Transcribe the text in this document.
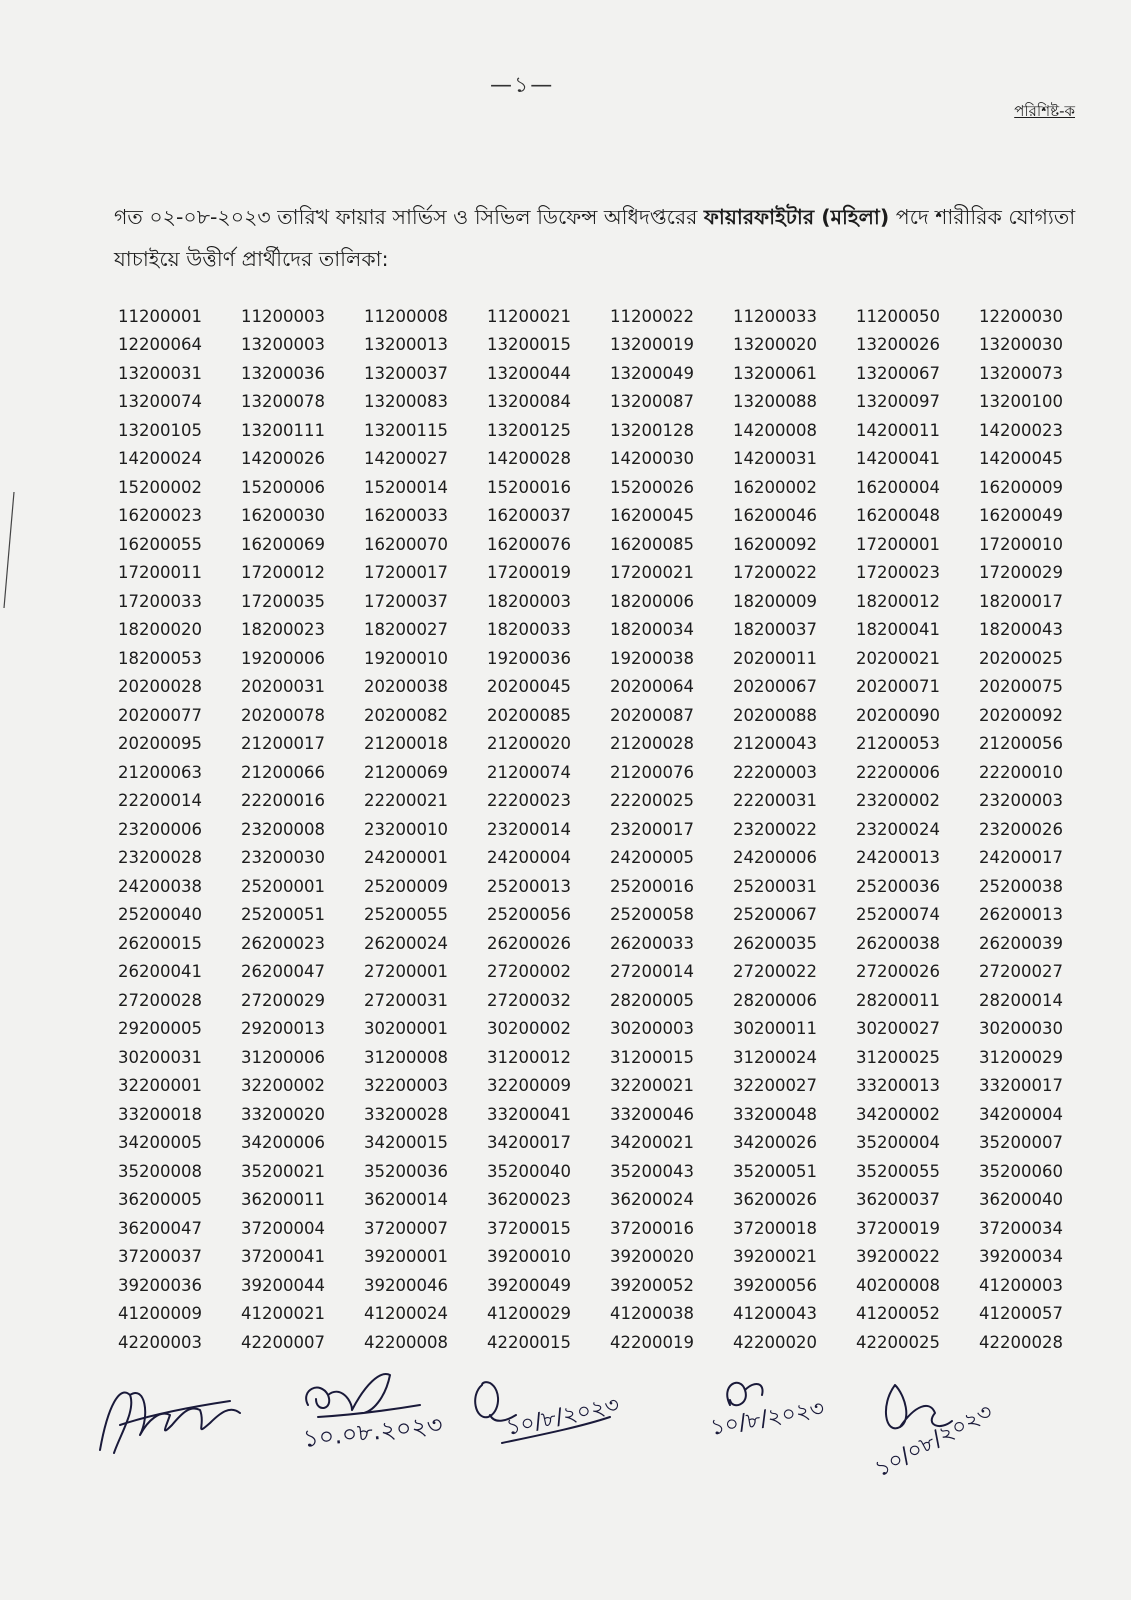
—১—
পরিশিষ্ট-ক
গত ০২-০৮-২০২৩ তারিখ ফায়ার সার্ভিস ও সিভিল ডিফেন্স অধিদপ্তরের ফায়ারফাইটার (মহিলা) পদে শারীরিক যোগ্যতা যাচাইয়ে উত্তীর্ণ প্রার্থীদের তালিকা:
11200001	11200003	11200008	11200021	11200022	11200033	11200050	12200030
12200064	13200003	13200013	13200015	13200019	13200020	13200026	13200030
13200031	13200036	13200037	13200044	13200049	13200061	13200067	13200073
13200074	13200078	13200083	13200084	13200087	13200088	13200097	13200100
13200105	13200111	13200115	13200125	13200128	14200008	14200011	14200023
14200024	14200026	14200027	14200028	14200030	14200031	14200041	14200045
15200002	15200006	15200014	15200016	15200026	16200002	16200004	16200009
16200023	16200030	16200033	16200037	16200045	16200046	16200048	16200049
16200055	16200069	16200070	16200076	16200085	16200092	17200001	17200010
17200011	17200012	17200017	17200019	17200021	17200022	17200023	17200029
17200033	17200035	17200037	18200003	18200006	18200009	18200012	18200017
18200020	18200023	18200027	18200033	18200034	18200037	18200041	18200043
18200053	19200006	19200010	19200036	19200038	20200011	20200021	20200025
20200028	20200031	20200038	20200045	20200064	20200067	20200071	20200075
20200077	20200078	20200082	20200085	20200087	20200088	20200090	20200092
20200095	21200017	21200018	21200020	21200028	21200043	21200053	21200056
21200063	21200066	21200069	21200074	21200076	22200003	22200006	22200010
22200014	22200016	22200021	22200023	22200025	22200031	23200002	23200003
23200006	23200008	23200010	23200014	23200017	23200022	23200024	23200026
23200028	23200030	24200001	24200004	24200005	24200006	24200013	24200017
24200038	25200001	25200009	25200013	25200016	25200031	25200036	25200038
25200040	25200051	25200055	25200056	25200058	25200067	25200074	26200013
26200015	26200023	26200024	26200026	26200033	26200035	26200038	26200039
26200041	26200047	27200001	27200002	27200014	27200022	27200026	27200027
27200028	27200029	27200031	27200032	28200005	28200006	28200011	28200014
29200005	29200013	30200001	30200002	30200003	30200011	30200027	30200030
30200031	31200006	31200008	31200012	31200015	31200024	31200025	31200029
32200001	32200002	32200003	32200009	32200021	32200027	33200013	33200017
33200018	33200020	33200028	33200041	33200046	33200048	34200002	34200004
34200005	34200006	34200015	34200017	34200021	34200026	35200004	35200007
35200008	35200021	35200036	35200040	35200043	35200051	35200055	35200060
36200005	36200011	36200014	36200023	36200024	36200026	36200037	36200040
36200047	37200004	37200007	37200015	37200016	37200018	37200019	37200034
37200037	37200041	39200001	39200010	39200020	39200021	39200022	39200034
39200036	39200044	39200046	39200049	39200052	39200056	40200008	41200003
41200009	41200021	41200024	41200029	41200038	41200043	41200052	41200057
42200003	42200007	42200008	42200015	42200019	42200020	42200025	42200028
১০.০৮.২০২৩	১০/৮/২০২৩	১০/৮/২০২৩ ১০/০৮/২০২৩
